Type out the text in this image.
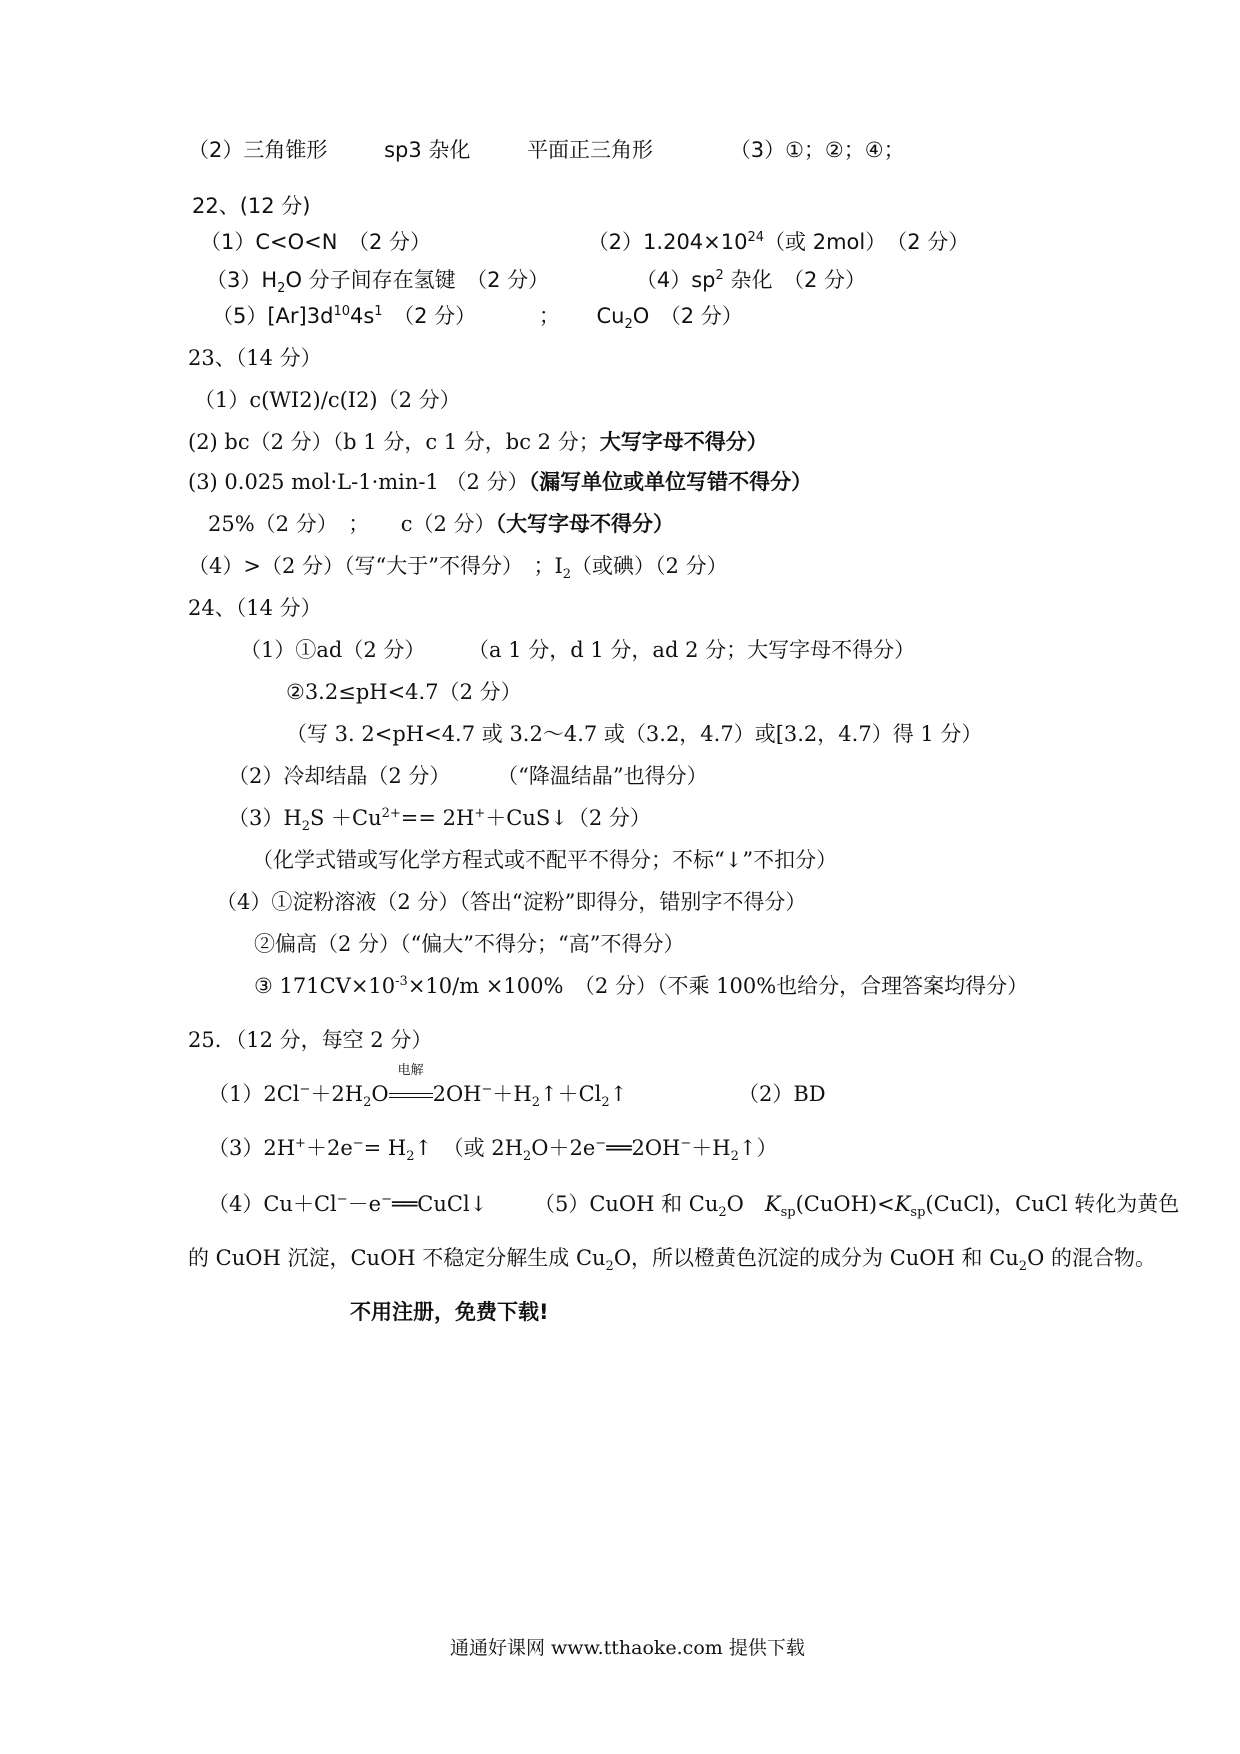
（2）三角锥形	sp3 杂化	平面正三角形	（3）①；②；④；
22、(12 分)
（1）C<O<N　（2 分）	$(2)1.204\times 10^{24}$（或 2mol）　（2 分）
$(3)H_2O$ 分子间存在氢键　（2 分）	$(4)sp^2$ 杂化　（2 分）
$(5)[Ar]3d^{10}4s^1$　（2 分）	； $Cu_2O$　（2 分）
23、（14 分）
（1）c(WI2)/c(I2)（2 分）
(2) bc（2 分）（b 1 分，c 1 分，bc 2 分；大写字母不得分）
(3) 0.025 mol·L-1·min-1 （2 分）（漏写单位或单位写错不得分）
25%（2 分）　；　　c（2 分）（大写字母不得分）
（4）>（2 分）（写“大于”不得分）　；$I_2$（或碘）（2 分）
24、（14 分）
（1）①ad（2 分） （a 1 分，d 1 分，ad 2 分；大写字母不得分）
②3.2≤pH<4.7（2 分）
（写 3. 2<pH<4.7 或 3.2～4.7 或（3.2，4.7）或[3.2，4.7）得 1 分）
（2）冷却结晶（2 分） （“降温结晶”也得分）
$(3)H_2S +Cu^{2+}==$ 2H+＋CuS↓（2 分）
（化学式错或写化学方程式或不配平不得分；不标“↓”不扣分）
（4）①淀粉溶液（2 分）（答出“淀粉”即得分，错别字不得分）
②偏高（2 分）（“偏大”不得分；“高”不得分）
③ $171CV\times 10^{-3}\times 10/m \times 100\%$　（2 分）（不乘 100%也给分，合理答案均得分）
25．（12 分，每空 2 分）
$(1)2Cl^-+2H_2O$
电解
$2OH^-+H_2↑+Cl_2↑$	（2）BD
$(3)2H^++2e^-= H_2↑$　（或 $2H_2O+2e^-══2OH^-+H_2↑$）
（4）Cu＋Cl−－e−══CuCl↓ （5）CuOH 和 $Cu_2O$　$K_{sp}(CuOH)<K_{sp}(CuCl)$，CuCl 转化为黄色
的 CuOH 沉淀，CuOH 不稳定分解生成 $Cu_2O$，所以橙黄色沉淀的成分为 CuOH 和 $Cu_2O$ 的混合物。
不用注册，免费下载!
通通好课网 www.tthaoke.com 提供下载
